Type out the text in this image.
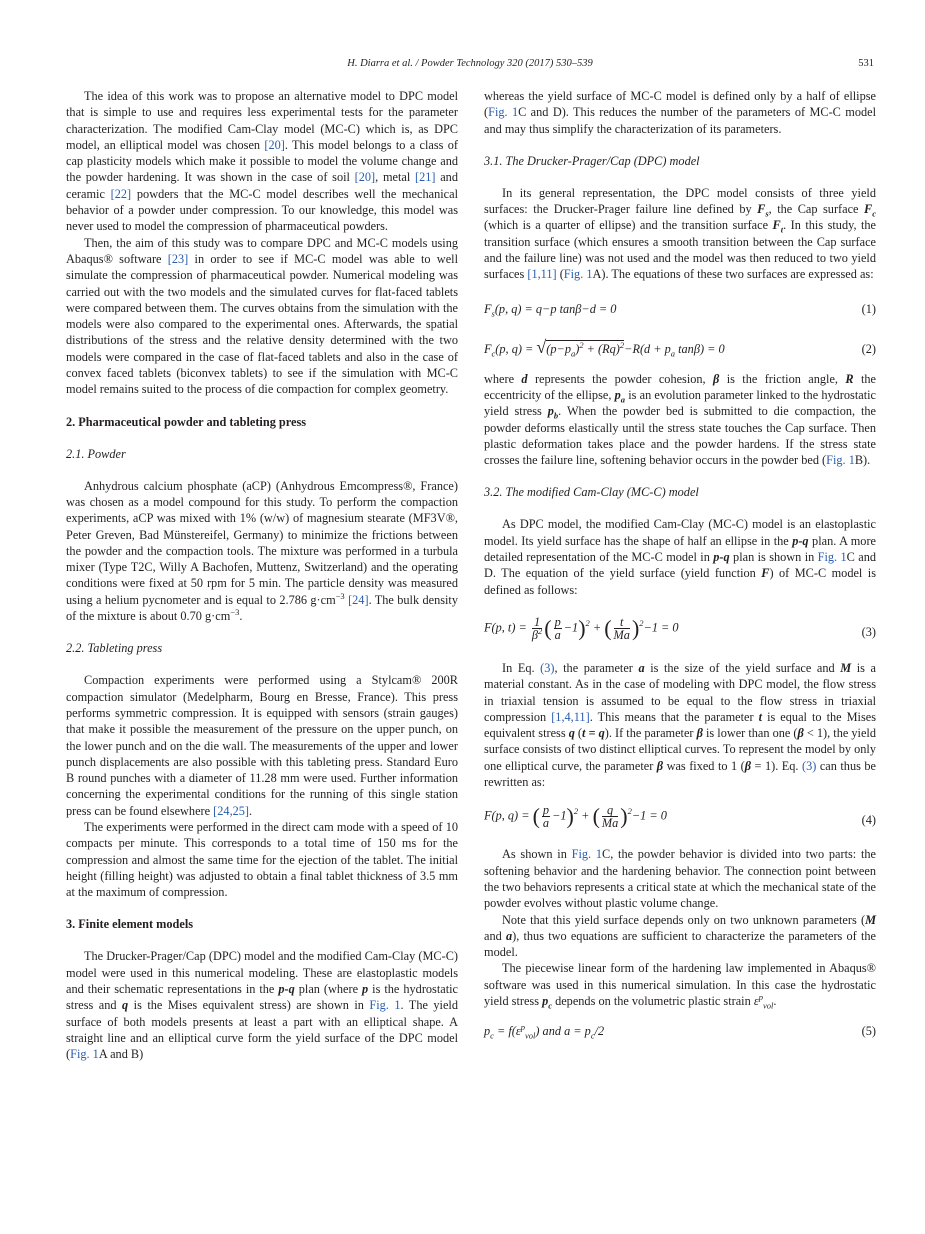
H. Diarra et al. / Powder Technology 320 (2017) 530–539	531

The idea of this work was to propose an alternative model to DPC model that is simple to use and requires less experimental tests for the parameter characterization. The modified Cam-Clay model (MC-C) which is, as DPC model, an elliptical model was chosen [20]. This model belongs to a class of cap plasticity models which make it possible to model the volume change and the powder hardening. It was shown in the case of soil [20], metal [21] and ceramic [22] powders that the MC-C model describes well the mechanical behavior of a powder under compression. To our knowledge, this model was never used to model the compression of pharmaceutical powders.

Then, the aim of this study was to compare DPC and MC-C models using Abaqus® software [23] in order to see if MC-C model was able to well simulate the compression of pharmaceutical powder. Numerical modeling was carried out with the two models and the simulated curves for flat-faced tablets were compared between them. The curves obtains from the simulation with the models were also compared to the experimental ones. Afterwards, the spatial distributions of the stress and the relative density determined with the two models were compared in the case of flat-faced tablets and also in the case of convex faced tablets (biconvex tablets) to see if the simulation with MC-C model remains suited to the process of die compaction for complex geometry.

2. Pharmaceutical powder and tableting press
2.1. Powder

Anhydrous calcium phosphate (aCP) (Anhydrous Emcompress®, France) was chosen as a model compound for this study. To perform the compaction experiments, aCP was mixed with 1% (w/w) of magnesium stearate (MF3V®, Peter Greven, Bad Münstereifel, Germany) to minimize the frictions between the powder and the compaction tools. The mixture was performed in a turbula mixer (Type T2C, Willy A Bachofen, Muttenz, Switzerland) and the operating conditions were fixed at 50 rpm for 5 min. The particle density was measured using a helium pycnometer and is equal to 2.786 $g\cdot cm^{-3}$ [24]. The bulk density of the mixture is about 0.70 $g\cdot cm^{-3}$.

2.2. Tableting press

Compaction experiments were performed using a Stylcam® 200R compaction simulator (Medelpharm, Bourg en Bresse, France). This press performs symmetric compression. It is equipped with sensors (strain gauges) that make it possible the measurement of the pressure on the upper punch, on the lower punch and on the die wall. The measurements of the upper and lower punch displacements are also possible with this tableting press. Standard Euro B round punches with a diameter of 11.28 mm were used. Further information concerning the experimental conditions for the running of this single station press can be found elsewhere [24,25].

The experiments were performed in the direct cam mode with a speed of 10 compacts per minute. This corresponds to a total time of 150 ms for the compression and almost the same time for the ejection of the tablet. The initial height (filling height) was adjusted to obtain a final tablet thickness of 3.5 mm at the maximum of compression.

3. Finite element models

The Drucker-Prager/Cap (DPC) model and the modified Cam-Clay (MC-C) model were used in this numerical modeling. These are elastoplastic models and their schematic representations in the p-q plan (where p is the hydrostatic stress and q is the Mises equivalent stress) are shown in Fig. 1. The yield surface of both models presents at least a part with an elliptical shape. A straight line and an elliptical curve form the yield surface of the DPC model (Fig. 1A and B)

whereas the yield surface of MC-C model is defined only by a half of ellipse (Fig. 1C and D). This reduces the number of the parameters of MC-C model and may thus simplify the characterization of its parameters.

3.1. The Drucker-Prager/Cap (DPC) model

In its general representation, the DPC model consists of three yield surfaces: the Drucker-Prager failure line defined by $F_s$, the Cap surface $F_c$ (which is a quarter of ellipse) and the transition surface $F_t$. In this study, the transition surface (which ensures a smooth transition between the Cap surface and the failure line) was not used and the model was then reduced to two yield surfaces [1,11] (Fig. 1A). The equations of these two surfaces are expressed as:

$F_s(p$, q) = q−p tanβ−d = 0	(1)
$F_c(p$, $q) = √(p-p_a)^2 + (Rq)^2-R(d + p_a$ tanβ) = 0	(2)

where d represents the powder cohesion, β is the friction angle, R the eccentricity of the ellipse, $p_a$ is an evolution parameter linked to the hydrostatic yield stress $p_b$. When the powder bed is submitted to die compaction, the powder deforms elastically until the stress state touches the Cap surface. Then plastic deformation takes place and the powder hardens. If the stress state crosses the failure line, softening behavior occurs in the powder bed (Fig. 1B).

3.2. The modified Cam-Clay (MC-C) model

As DPC model, the modified Cam-Clay (MC-C) model is an elastoplastic model. Its yield surface has the shape of half an ellipse in the p-q plan. A more detailed representation of the MC-C model in p-q plan is shown in Fig. 1C and D. The equation of the yield surface (yield function F) of MC-C model is defined as follows:

F(p, $t) = \frac{1}{\beta^2}$ ( $\frac{p}{a} -1)^2$ + ( $\frac{t}{Ma} )^2-1 = 0$	(3)

In Eq. (3), the parameter a is the size of the yield surface and M is a material constant. As in the case of modeling with DPC model, the flow stress in triaxial tension is assumed to be equal to the flow stress in triaxial compression [1,4,11]. This means that the parameter t is equal to the Mises equivalent stress q (t = q). If the parameter β is lower than one (β < 1), the yield surface consists of two distinct elliptical curves. To represent the model by only one elliptical curve, the parameter β was fixed to 1 (β = 1). Eq. (3) can thus be rewritten as:

F(p, q) = ( $\frac{p}{a} -1)^2$ + ( $\frac{q}{Ma} )^2-1 = 0$	(4)

As shown in Fig. 1C, the powder behavior is divided into two parts: the softening behavior and the hardening behavior. The connection point between the two behaviors represents a critical state at which the mechanical state of the powder evolves without plastic volume change.

Note that this yield surface depends only on two unknown parameters (M and a), thus two equations are sufficient to characterize the parameters of the model.

The piecewise linear form of the hardening law implemented in Abaqus® software was used in this numerical simulation. In this case the hydrostatic yield stress $p_c$ depends on the volumetric plastic strain $\varepsilon^p_{vol}$.

$p_c = f(\varepsilon^p_{vol})$ and $a = p_c/2$	(5)
